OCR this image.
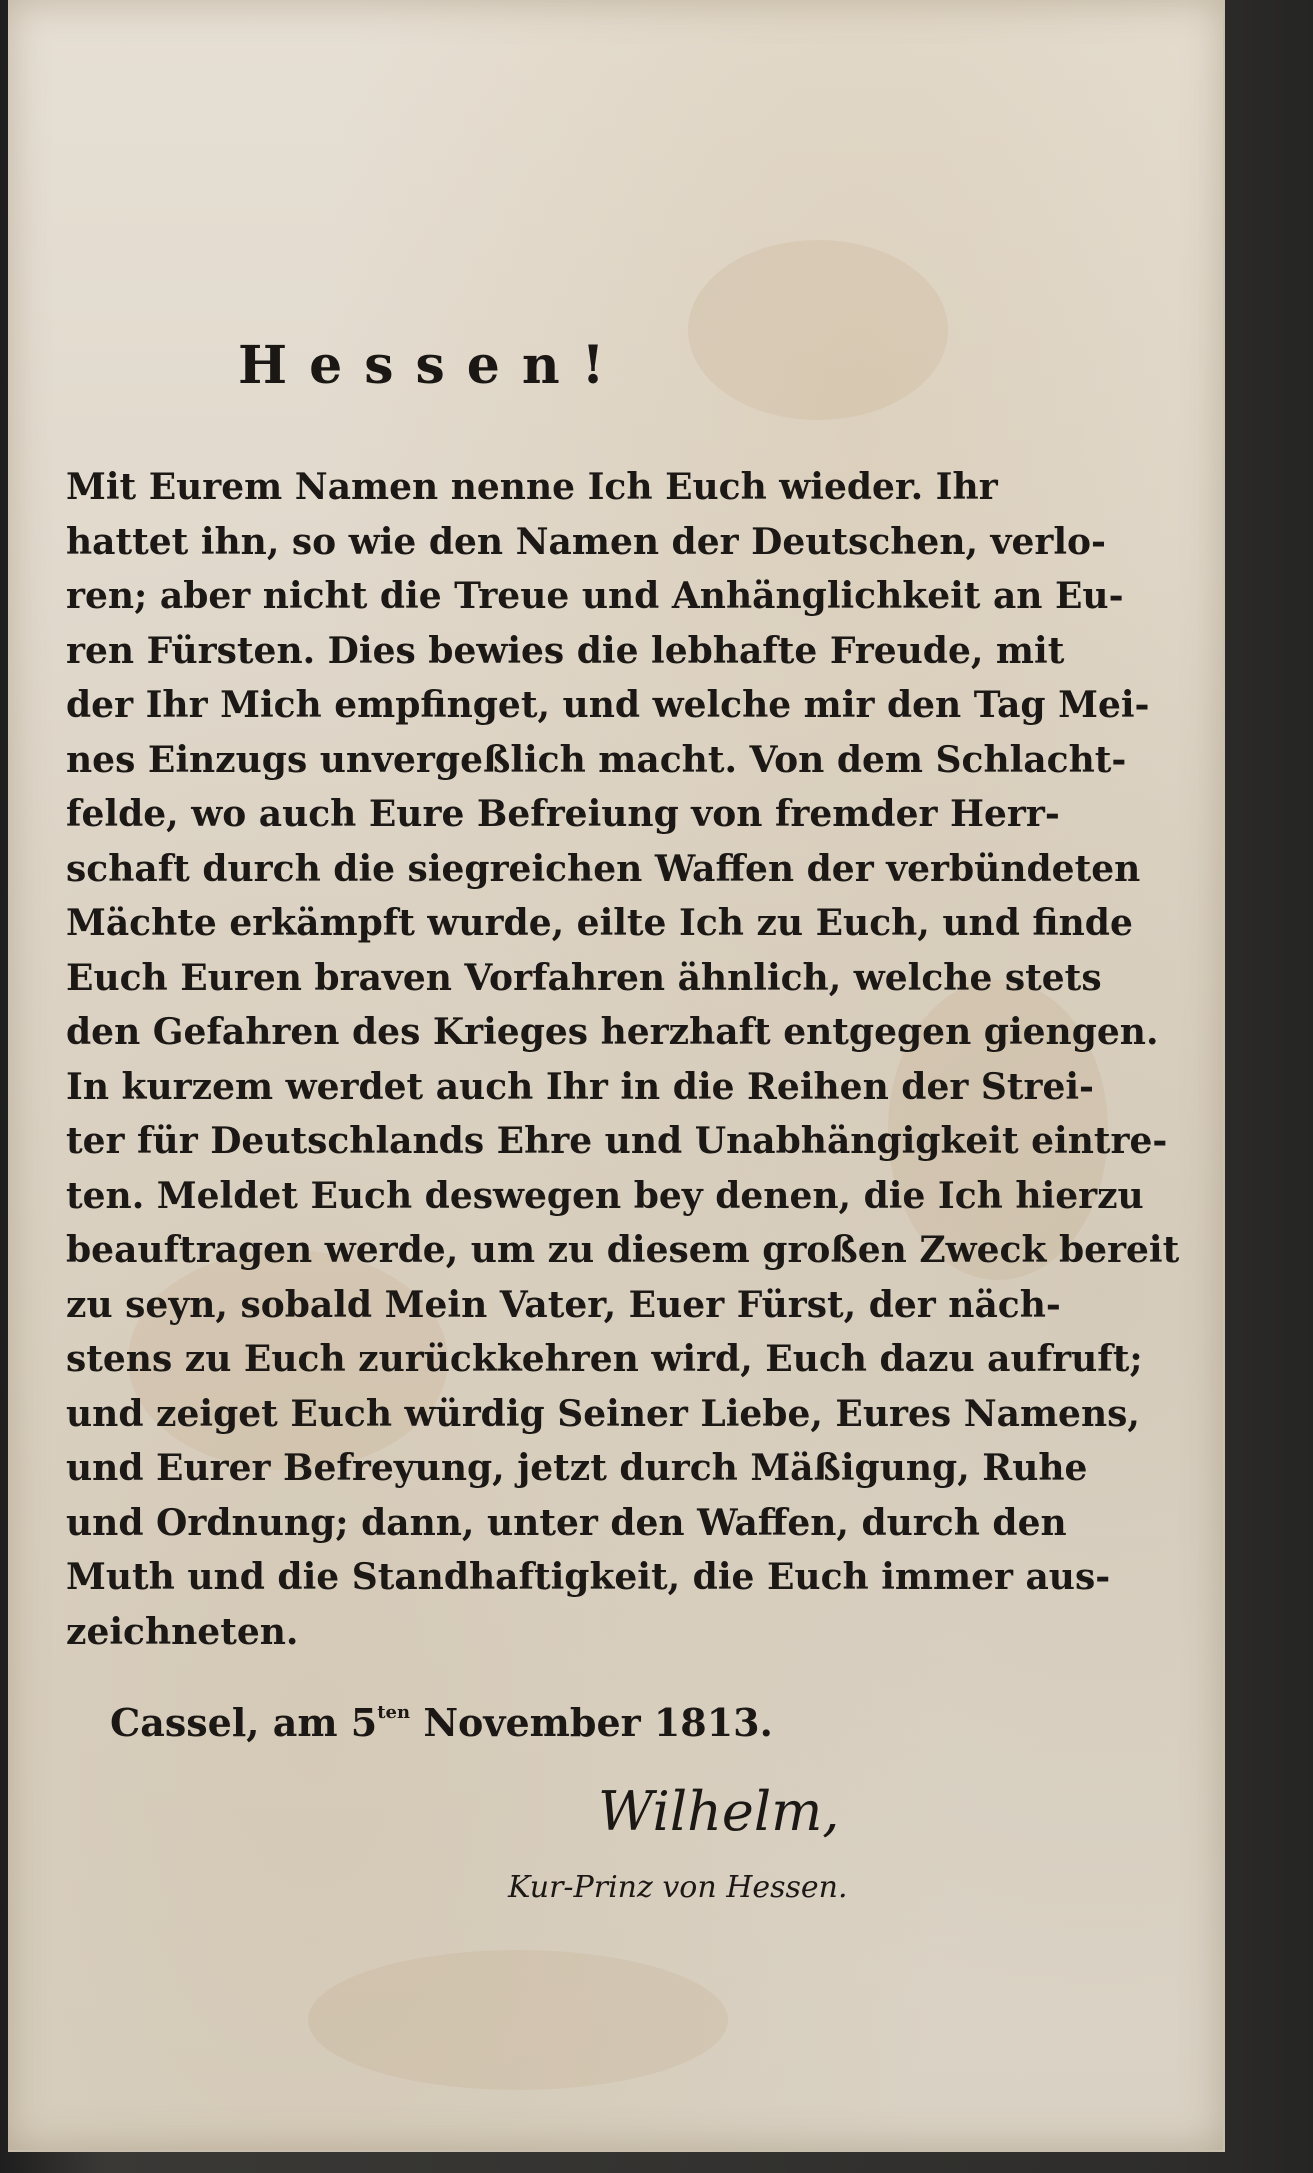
Hessen!
Mit Eurem Namen nenne Ich Euch wieder. Ihr
hattet ihn, so wie den Namen der Deutschen, verlo-
ren; aber nicht die Treue und Anhänglichkeit an Eu-
ren Fürsten. Dies bewies die lebhafte Freude, mit
der Ihr Mich empfinget, und welche mir den Tag Mei-
nes Einzugs unvergeßlich macht. Von dem Schlacht-
felde, wo auch Eure Befreiung von fremder Herr-
schaft durch die siegreichen Waffen der verbündeten
Mächte erkämpft wurde, eilte Ich zu Euch, und finde
Euch Euren braven Vorfahren ähnlich, welche stets
den Gefahren des Krieges herzhaft entgegen giengen.
In kurzem werdet auch Ihr in die Reihen der Strei-
ter für Deutschlands Ehre und Unabhängigkeit eintre-
ten. Meldet Euch deswegen bey denen, die Ich hierzu
beauftragen werde, um zu diesem großen Zweck bereit
zu seyn, sobald Mein Vater, Euer Fürst, der näch-
stens zu Euch zurückkehren wird, Euch dazu aufruft;
und zeiget Euch würdig Seiner Liebe, Eures Namens,
und Eurer Befreyung, jetzt durch Mäßigung, Ruhe
und Ordnung; dann, unter den Waffen, durch den
Muth und die Standhaftigkeit, die Euch immer aus-
zeichneten.
Cassel, am $5^{ten}$ November 1813.
Wilhelm,
Kur-Prinz von Hessen.
